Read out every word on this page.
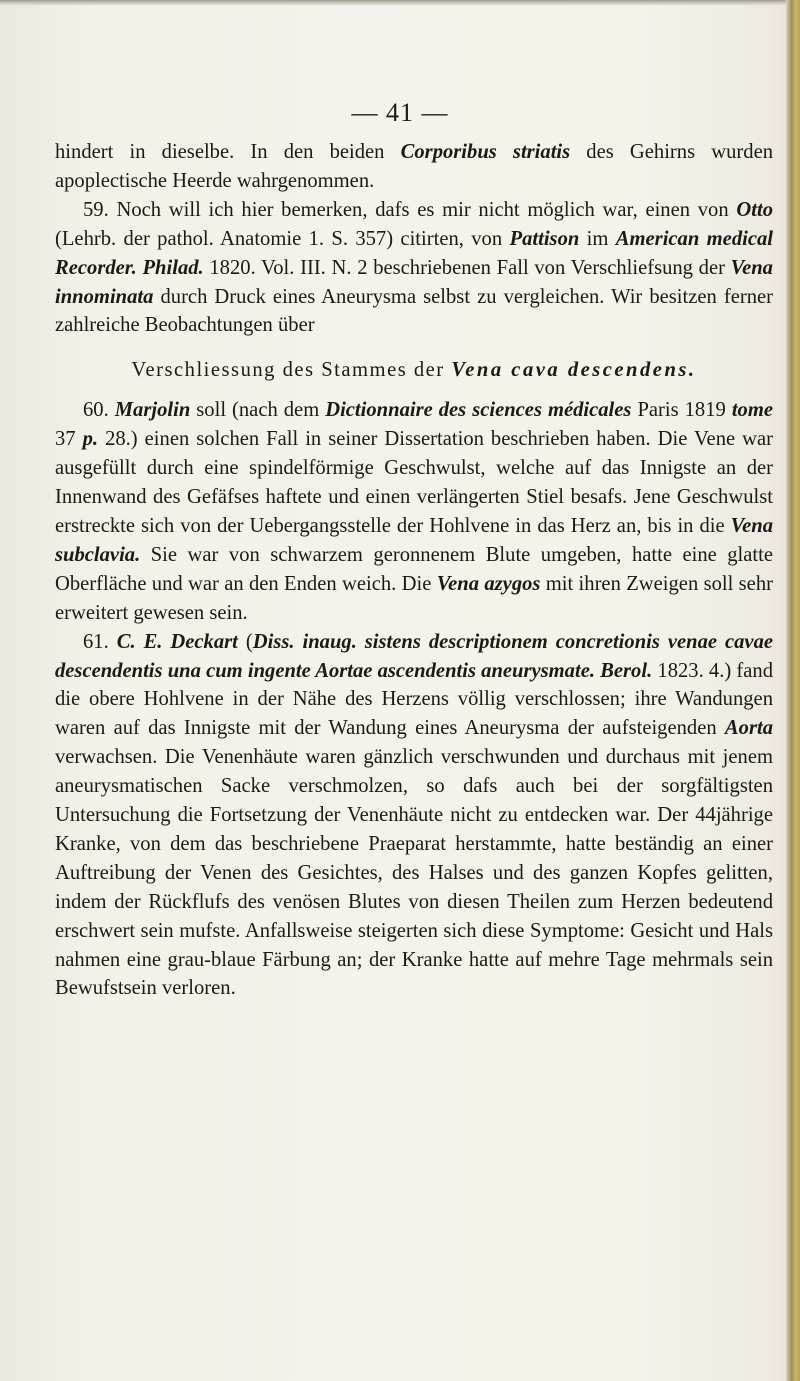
— 41 —

hindert in dieselbe. In den beiden Corporibus striatis des Gehirns wurden apoplectische Heerde wahrgenommen.

59. Noch will ich hier bemerken, dafs es mir nicht möglich war, einen von Otto (Lehrb. der pathol. Anatomie 1. S. 357) citirten, von Pattison im American medical Recorder. Philad. 1820. Vol. III. N. 2 beschriebenen Fall von Verschliefsung der Vena innominata durch Druck eines Aneurysma selbst zu vergleichen. Wir besitzen ferner zahlreiche Beobachtungen über

Verschliessung des Stammes der Vena cava descendens.

60. Marjolin soll (nach dem Dictionnaire des sciences médicales Paris 1819 tome 37 p. 28.) einen solchen Fall in seiner Dissertation beschrieben haben. Die Vene war ausgefüllt durch eine spindelförmige Geschwulst, welche auf das Innigste an der Innenwand des Gefäfses haftete und einen verlängerten Stiel besafs. Jene Geschwulst erstreckte sich von der Uebergangsstelle der Hohlvene in das Herz an, bis in die Vena subclavia. Sie war von schwarzem geronnenem Blute umgeben, hatte eine glatte Oberfläche und war an den Enden weich. Die Vena azygos mit ihren Zweigen soll sehr erweitert gewesen sein.

61. C. E. Deckart (Diss. inaug. sistens descriptionem concretionis venae cavae descendentis una cum ingente Aortae ascendentis aneurysmate. Berol. 1823. 4.) fand die obere Hohlvene in der Nähe des Herzens völlig verschlossen; ihre Wandungen waren auf das Innigste mit der Wandung eines Aneurysma der aufsteigenden Aorta verwachsen. Die Venenhäute waren gänzlich verschwunden und durchaus mit jenem aneurysmatischen Sacke verschmolzen, so dafs auch bei der sorgfältigsten Untersuchung die Fortsetzung der Venenhäute nicht zu entdecken war. Der 44jährige Kranke, von dem das beschriebene Praeparat herstammte, hatte beständig an einer Auftreibung der Venen des Gesichtes, des Halses und des ganzen Kopfes gelitten, indem der Rückflufs des venösen Blutes von diesen Theilen zum Herzen bedeutend erschwert sein mufste. Anfallsweise steigerten sich diese Symptome: Gesicht und Hals nahmen eine grau-blaue Färbung an; der Kranke hatte auf mehre Tage mehrmals sein Bewufstsein verloren.
